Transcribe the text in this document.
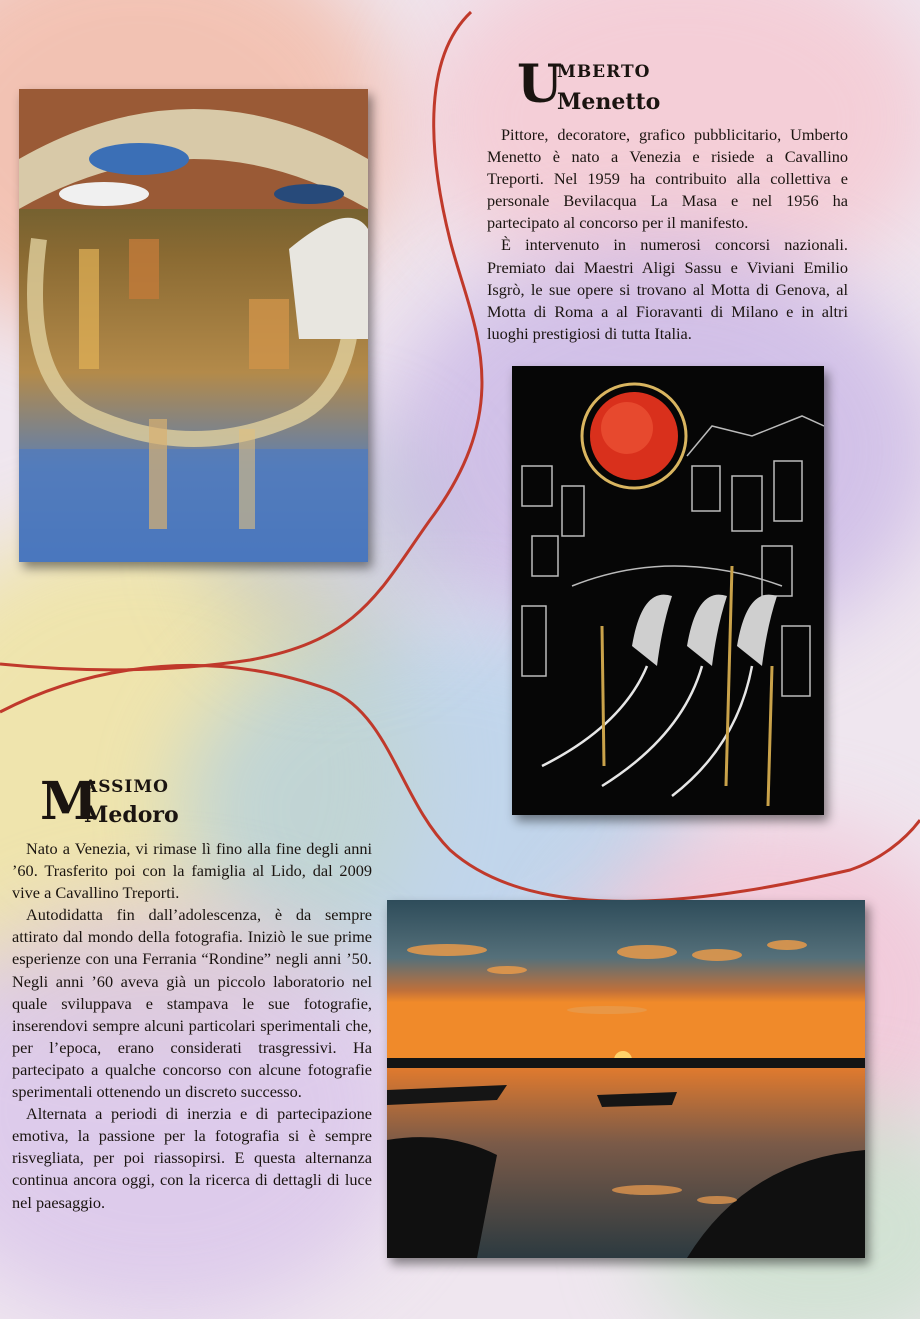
U
MBERTO
Menetto

Pittore, decoratore, grafico pubblicitario, Umberto Menetto è nato a Venezia e risiede a Cavallino Treporti. Nel 1959 ha contribuito alla collettiva e personale Bevilacqua La Masa e nel 1956 ha partecipato al concorso per il manifesto.

È intervenuto in numerosi concorsi nazionali. Premiato dai Maestri Aligi Sassu e Viviani Emilio Isgrò, le sue opere si trovano al Motta di Genova, al Motta di Roma a al Fioravanti di Milano e in altri luoghi prestigiosi di tutta Italia.

M
ASSIMO
Medoro

Nato a Venezia, vi rimase lì fino alla fine degli anni ’60. Trasferito poi con la famiglia al Lido, dal 2009 vive a Cavallino Treporti.

Autodidatta fin dall’adolescenza, è da sempre attirato dal mondo della fotografia. Iniziò le sue prime esperienze con una Ferrania “Rondine” negli anni ’50. Negli anni ’60 aveva già un piccolo laboratorio nel quale sviluppava e stampava le sue fotografie, inserendovi sempre alcuni particolari sperimentali che, per l’epoca, erano considerati trasgressivi. Ha partecipato a qualche concorso con alcune fotografie sperimentali ottenendo un discreto successo.

Alternata a periodi di inerzia e di partecipazione emotiva, la passione per la fotografia si è sempre risvegliata, per poi riassopirsi. E questa alternanza continua ancora oggi, con la ricerca di dettagli di luce nel paesaggio.
